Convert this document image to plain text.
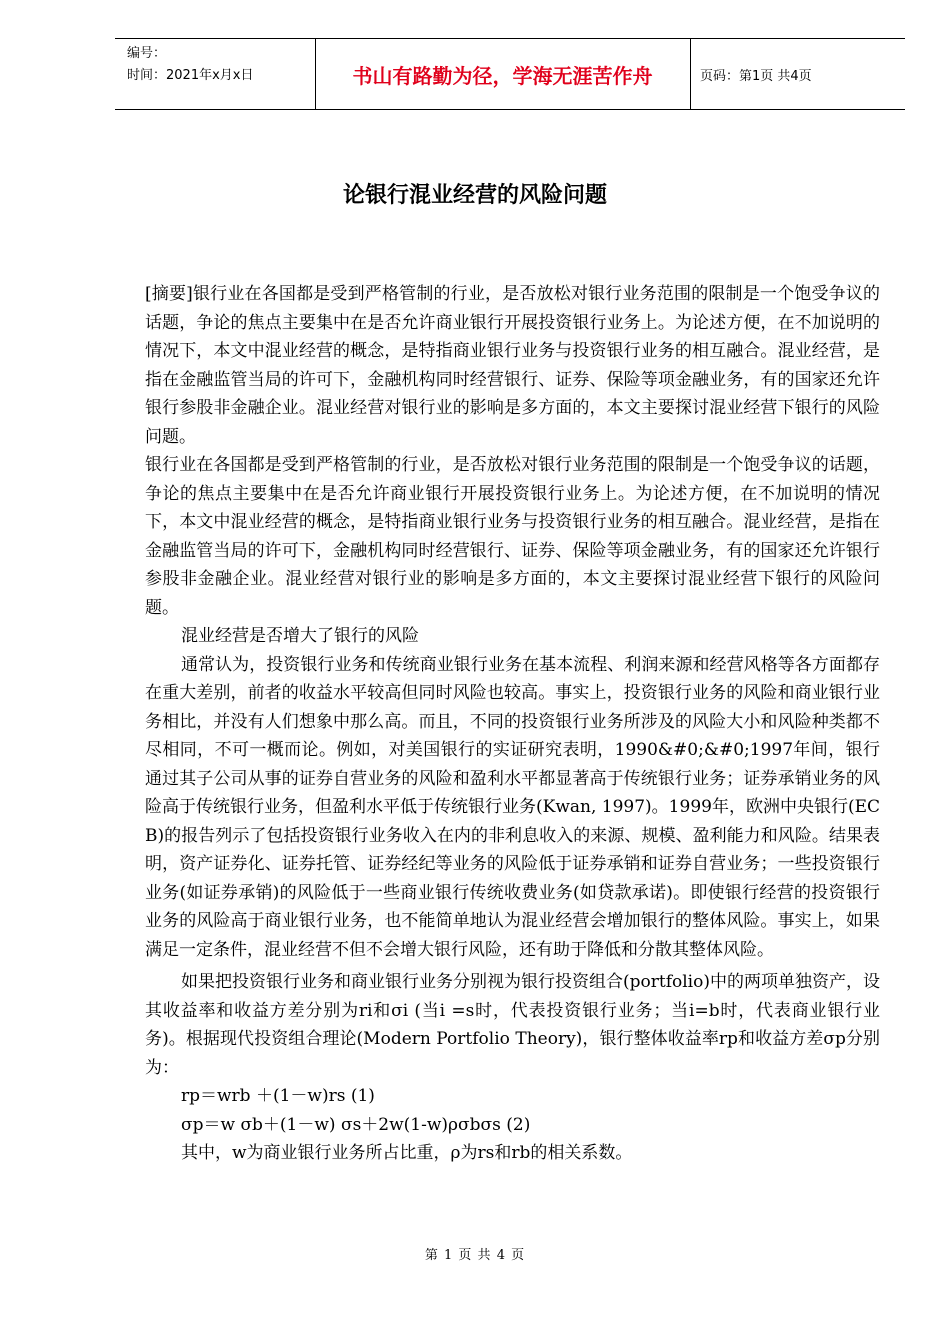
编号：
时间：2021年x月x日	书山有路勤为径，学海无涯苦作舟	页码：第1页 共4页
论银行混业经营的风险问题

[摘要]银行业在各国都是受到严格管制的行业，是否放松对银行业务范围的限制是一个饱受争议的话题，争论的焦点主要集中在是否允许商业银行开展投资银行业务上。为论述方便，在不加说明的情况下，本文中混业经营的概念，是特指商业银行业务与投资银行业务的相互融合。混业经营，是指在金融监管当局的许可下，金融机构同时经营银行、证券、保险等项金融业务，有的国家还允许银行参股非金融企业。混业经营对银行业的影响是多方面的，本文主要探讨混业经营下银行的风险问题。

银行业在各国都是受到严格管制的行业，是否放松对银行业务范围的限制是一个饱受争议的话题，争论的焦点主要集中在是否允许商业银行开展投资银行业务上。为论述方便，在不加说明的情况下，本文中混业经营的概念，是特指商业银行业务与投资银行业务的相互融合。混业经营，是指在金融监管当局的许可下，金融机构同时经营银行、证券、保险等项金融业务，有的国家还允许银行参股非金融企业。混业经营对银行业的影响是多方面的，本文主要探讨混业经营下银行的风险问题。

混业经营是否增大了银行的风险

通常认为，投资银行业务和传统商业银行业务在基本流程、利润来源和经营风格等各方面都存在重大差别，前者的收益水平较高但同时风险也较高。事实上，投资银行业务的风险和商业银行业务相比，并没有人们想象中那么高。而且，不同的投资银行业务所涉及的风险大小和风险种类都不尽相同，不可一概而论。例如，对美国银行的实证研究表明，1990&#0;&#0;1997年间，银行通过其子公司从事的证券自营业务的风险和盈利水平都显著高于传统银行业务；证券承销业务的风险高于传统银行业务，但盈利水平低于传统银行业务(Kwan, 1997)。1999年，欧洲中央银行(ECB)的报告列示了包括投资银行业务收入在内的非利息收入的来源、规模、盈利能力和风险。结果表明，资产证券化、证券托管、证券经纪等业务的风险低于证券承销和证券自营业务；一些投资银行业务(如证券承销)的风险低于一些商业银行传统收费业务(如贷款承诺)。即使银行经营的投资银行业务的风险高于商业银行业务，也不能简单地认为混业经营会增加银行的整体风险。事实上，如果满足一定条件，混业经营不但不会增大银行风险，还有助于降低和分散其整体风险。

如果把投资银行业务和商业银行业务分别视为银行投资组合(portfolio)中的两项单独资产，设其收益率和收益方差分别为ri和σi (当i =s时，代表投资银行业务；当i=b时，代表商业银行业务)。根据现代投资组合理论(Modern Portfolio Theory)，银行整体收益率rp和收益方差σp分别为：

rp＝wrb ＋(1－w)rs (1)

σp＝w σb＋(1－w) σs＋2w(1-w)ρσbσs (2)

其中，w为商业银行业务所占比重，ρ为rs和rb的相关系数。

第 1 页 共 4 页
